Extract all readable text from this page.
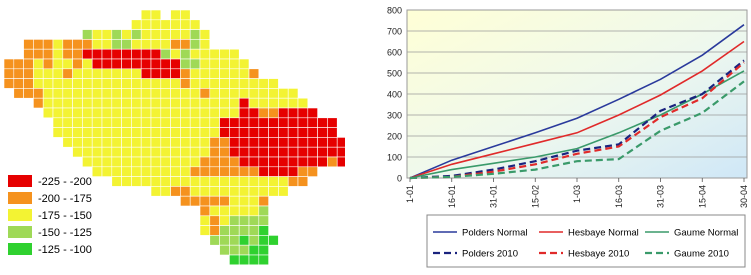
-225 - -200
-200 - -175
-175 - -150
-150 - -125
-125 - -100
0
100
200
300
400
500
600
700
800
1-01	16-01	31-01	15-02	1-03	16-03	31-03	15-04	30-04
Polders Normal	Hesbaye Normal	Gaume Normal
Polders 2010	Hesbaye 2010	Gaume 2010
